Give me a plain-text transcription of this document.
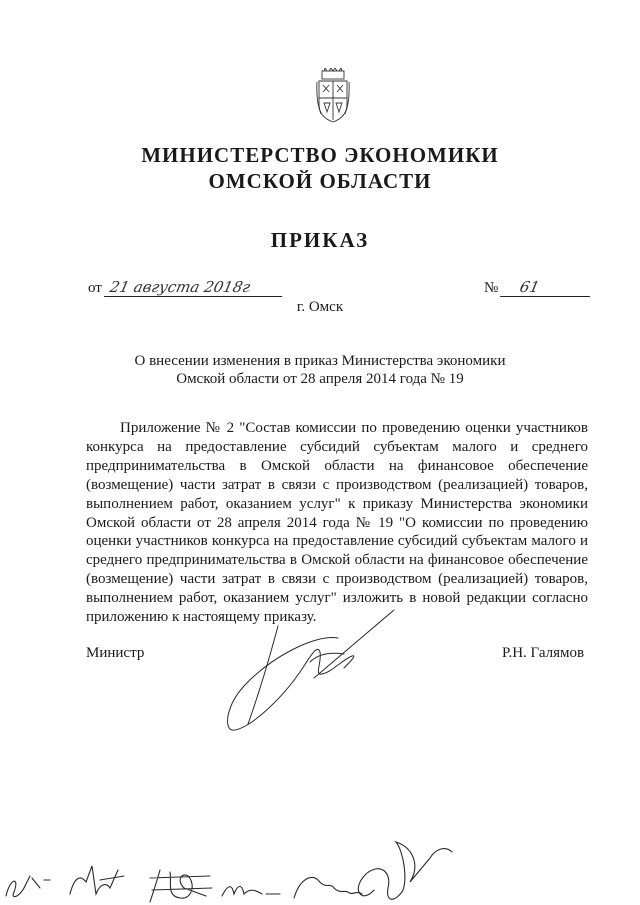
МИНИСТЕРСТВО ЭКОНОМИКИ
ОМСКОЙ ОБЛАСТИ
ПРИКАЗ
от 21 августа 2018г	№ 61
г. Омск
О внесении изменения в приказ Министерства экономики
Омской области от 28 апреля 2014 года № 19
Приложение № 2 "Состав комиссии по проведению оценки участников конкурса на предоставление субсидий субъектам малого и среднего предпринимательства в Омской области на финансовое обеспечение (возмещение) части затрат в связи с производством (реализацией) товаров, выполнением работ, оказанием услуг" к приказу Министерства экономики Омской области от 28 апреля 2014 года № 19 "О комиссии по проведению оценки участников конкурса на предоставление субсидий субъектам малого и среднего предпринимательства в Омской области на финансовое обеспечение (возмещение) части затрат в связи с производством (реализацией) товаров, выполнением работ, оказанием услуг" изложить в новой редакции согласно приложению к настоящему приказу.
Министр	Р.Н. Галямов
